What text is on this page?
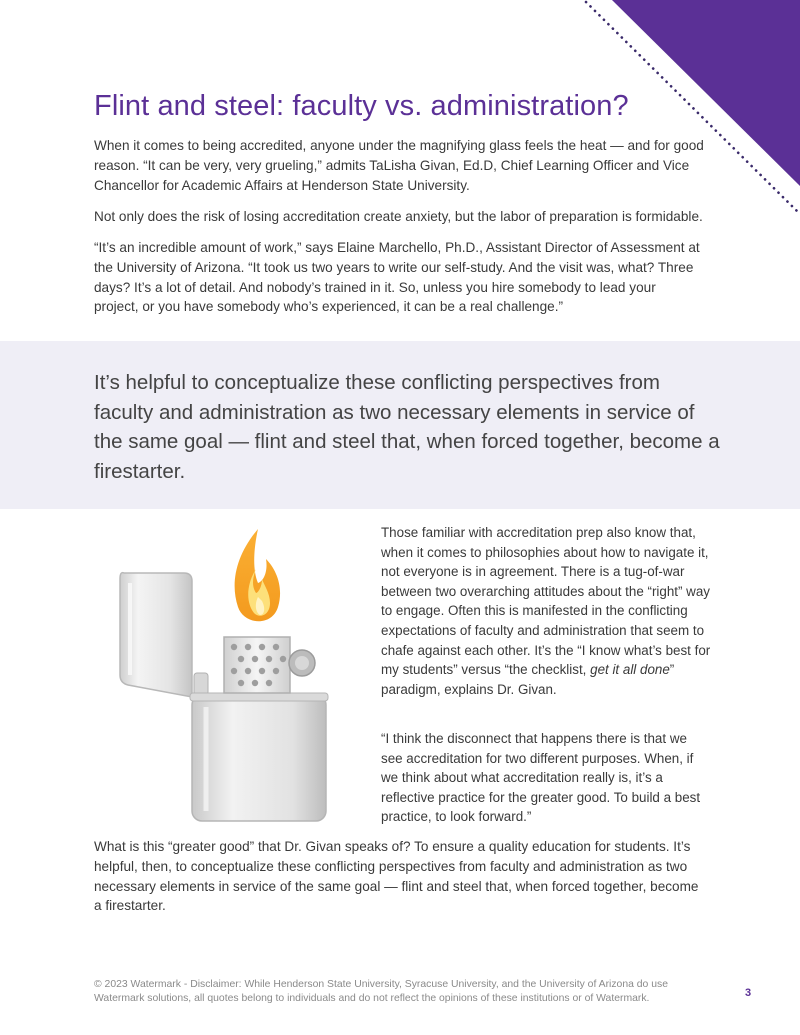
Flint and steel: faculty vs. administration?

When it comes to being accredited, anyone under the magnifying glass feels the heat — and for good reason. “It can be very, very grueling,” admits TaLisha Givan, Ed.D, Chief Learning Officer and Vice Chancellor for Academic Affairs at Henderson State University.

Not only does the risk of losing accreditation create anxiety, but the labor of preparation is formidable.

“It’s an incredible amount of work,” says Elaine Marchello, Ph.D., Assistant Director of Assessment at the University of Arizona. “It took us two years to write our self-study. And the visit was, what? Three days? It’s a lot of detail. And nobody’s trained in it. So, unless you hire somebody to lead your project, or you have somebody who’s experienced, it can be a real challenge.”

It’s helpful to conceptualize these conflicting perspectives from faculty and administration as two necessary elements in service of the same goal — flint and steel that, when forced together, become a firestarter.

Those familiar with accreditation prep also know that, when it comes to philosophies about how to navigate it, not everyone is in agreement. There is a tug-of-war between two overarching attitudes about the “right” way to engage. Often this is manifested in the conflicting expectations of faculty and administration that seem to chafe against each other. It’s the “I know what’s best for my students” versus “the checklist, get it all done” paradigm, explains Dr. Givan.

“I think the disconnect that happens there is that we see accreditation for two different purposes. When, if we think about what accreditation really is, it’s a reflective practice for the greater good. To build a best practice, to look forward.”

What is this “greater good” that Dr. Givan speaks of? To ensure a quality education for students. It’s helpful, then, to conceptualize these conflicting perspectives from faculty and administration as two necessary elements in service of the same goal — flint and steel that, when forced together, become a firestarter.

© 2023 Watermark - Disclaimer: While Henderson State University, Syracuse University, and the University of Arizona do use Watermark solutions, all quotes belong to individuals and do not reflect the opinions of these institutions or of Watermark.	3
